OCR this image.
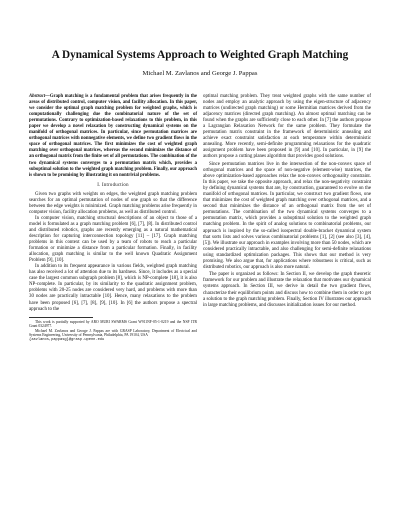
A Dynamical Systems Approach to Weighted Graph Matching
Michael M. Zavlanos and George J. Pappas

Abstract—Graph matching is a fundamental problem that arises frequently in the areas of distributed control, computer vision, and facility allocation. In this paper, we consider the optimal graph matching problem for weighted graphs, which is computationally challenging due the combinatorial nature of the set of permutations. Contrary to optimization-based relaxations to this problem, in this paper we develop a novel relaxation by constructing dynamical systems on the manifold of orthogonal matrices. In particular, since permutation matrices are orthogonal matrices with nonnegative elements, we define two gradient flows in the space of orthogonal matrices. The first minimizes the cost of weighted graph matching over orthogonal matrices, whereas the second minimizes the distance of an orthogonal matrix from the finite set of all permutations. The combination of the two dynamical systems converges to a permutation matrix which, provides a suboptimal solution to the weighted graph matching problem. Finally, our approach is shown to be promising by illustrating it on nontrivial problems.

I. Introduction

Given two graphs with weights on edges, the weighted graph matching problem searches for an optimal permutation of nodes of one graph so that the difference between the edge weights is minimized. Graph matching problems arise frequently in computer vision, facility allocation problems, as well as distributed control.

In computer vision, matching structural descriptions of an object to those of a model is formulated as a graph matching problem [6], [7], [8]. In distributed control and distributed robotics, graphs are recently emerging as a natural mathematical description for capturing interconnection topology [11] – [17]. Graph matching problems in this context can be used by a team of robots to reach a particular formation or minimize a distance from a particular formation. Finally, in facility allocation, graph matching is similar to the well known Quadratic Assignment Problem [9], [10].

In addition to its frequent appearance in various fields, weighted graph matching has also received a lot of attention due to its hardness. Since, it includes as a special case the largest common subgraph problem [8], which is NP-complete [18], it is also NP-complete. In particular, by its similarity to the quadratic assignment problem, problems with 20-25 nodes are considered very hard, and problems with more than 30 nodes are practically intractable [10]. Hence, many relaxations to the problem have been proposed [6], [7], [8], [9], [10]. In [6] the authors propose a spectral approach to the

This work is partially supported by ARO MURI SWARMS Grant W911NF-05-1-0219 and the NSF ITR Grant 0324977.

Michael M. Zavlanos and George J. Pappas are with GRASP Laboratory, Department of Electrical and Systems Engineering, University of Pennsylvania, Philadelphia, PA 19104, USA

{zavlanos,pappasg}@grasp.upenn.edu

optimal matching problem. They treat weighted graphs with the same number of nodes and employ an analytic approach by using the eigen-structure of adjacency matrices (undirected graph matching) or some Hermitian matrices derived from the adjacency matrices (directed graph matching). An almost optimal matching can be found when the graphs are sufficiently close to each other. In [7] the authors propose a Lagrangian Relaxation Network for the same problem. They formulate the permutation matrix constraint in the framework of deterministic annealing and achieve exact constraint satisfaction at each temperature within deterministic annealing. More recently, semi-definite programming relaxations for the quadratic assignment problem have been proposed in [9] and [10]. In particular, in [9] the authors propose a cutting planes algorithm that provides good solutions.

Since permutation matrices live in the intersection of the non-convex space of orthogonal matrices and the space of non-negative (element-wise) matrices, the above optimization-based approaches relax the non-convex orthogonality constraint. In this paper, we take the opposite approach, and relax the non-negativity constraint by defining dynamical systems that are, by construction, guaranteed to evolve on the manifold of orthogonal matrices. In particular, we construct two gradient flows, one that minimizes the cost of weighted graph matching over orthogonal matrices, and a second that minimizes the distance of an orthogonal matrix from the set of permutations. The combination of the two dynamical systems converges to a permutation matrix, which provides a suboptimal solution to the weighted graph matching problem. In the spirit of analog solutions to combinatorial problems, our approach is inspired by the so-called isospectral double-bracket dynamical system that sorts lists and solves various combinatorial problems [1], [2] (see also [3], [4], [5]). We illustrate our approach in examples involving more than 50 nodes, which are considered practically intractable, and also challenging for semi-definite relaxations using standardized optimization packages. This shows that our method is very promising. We also argue that, for applications where robustness is critical, such as distributed robotics, our approach is also more natural.

The paper is organized as follows: In Section II, we develop the graph theoretic framework for our problem and illustrate the relaxation that motivates our dynamical systems approach. In Section III, we derive in detail the two gradient flows, characterize their equilibrium points and discuss how to combine them in order to get a solution to the graph matching problem. Finally, Section IV illustrates our approach in large matching problems, and discusses initialization issues for our method.
